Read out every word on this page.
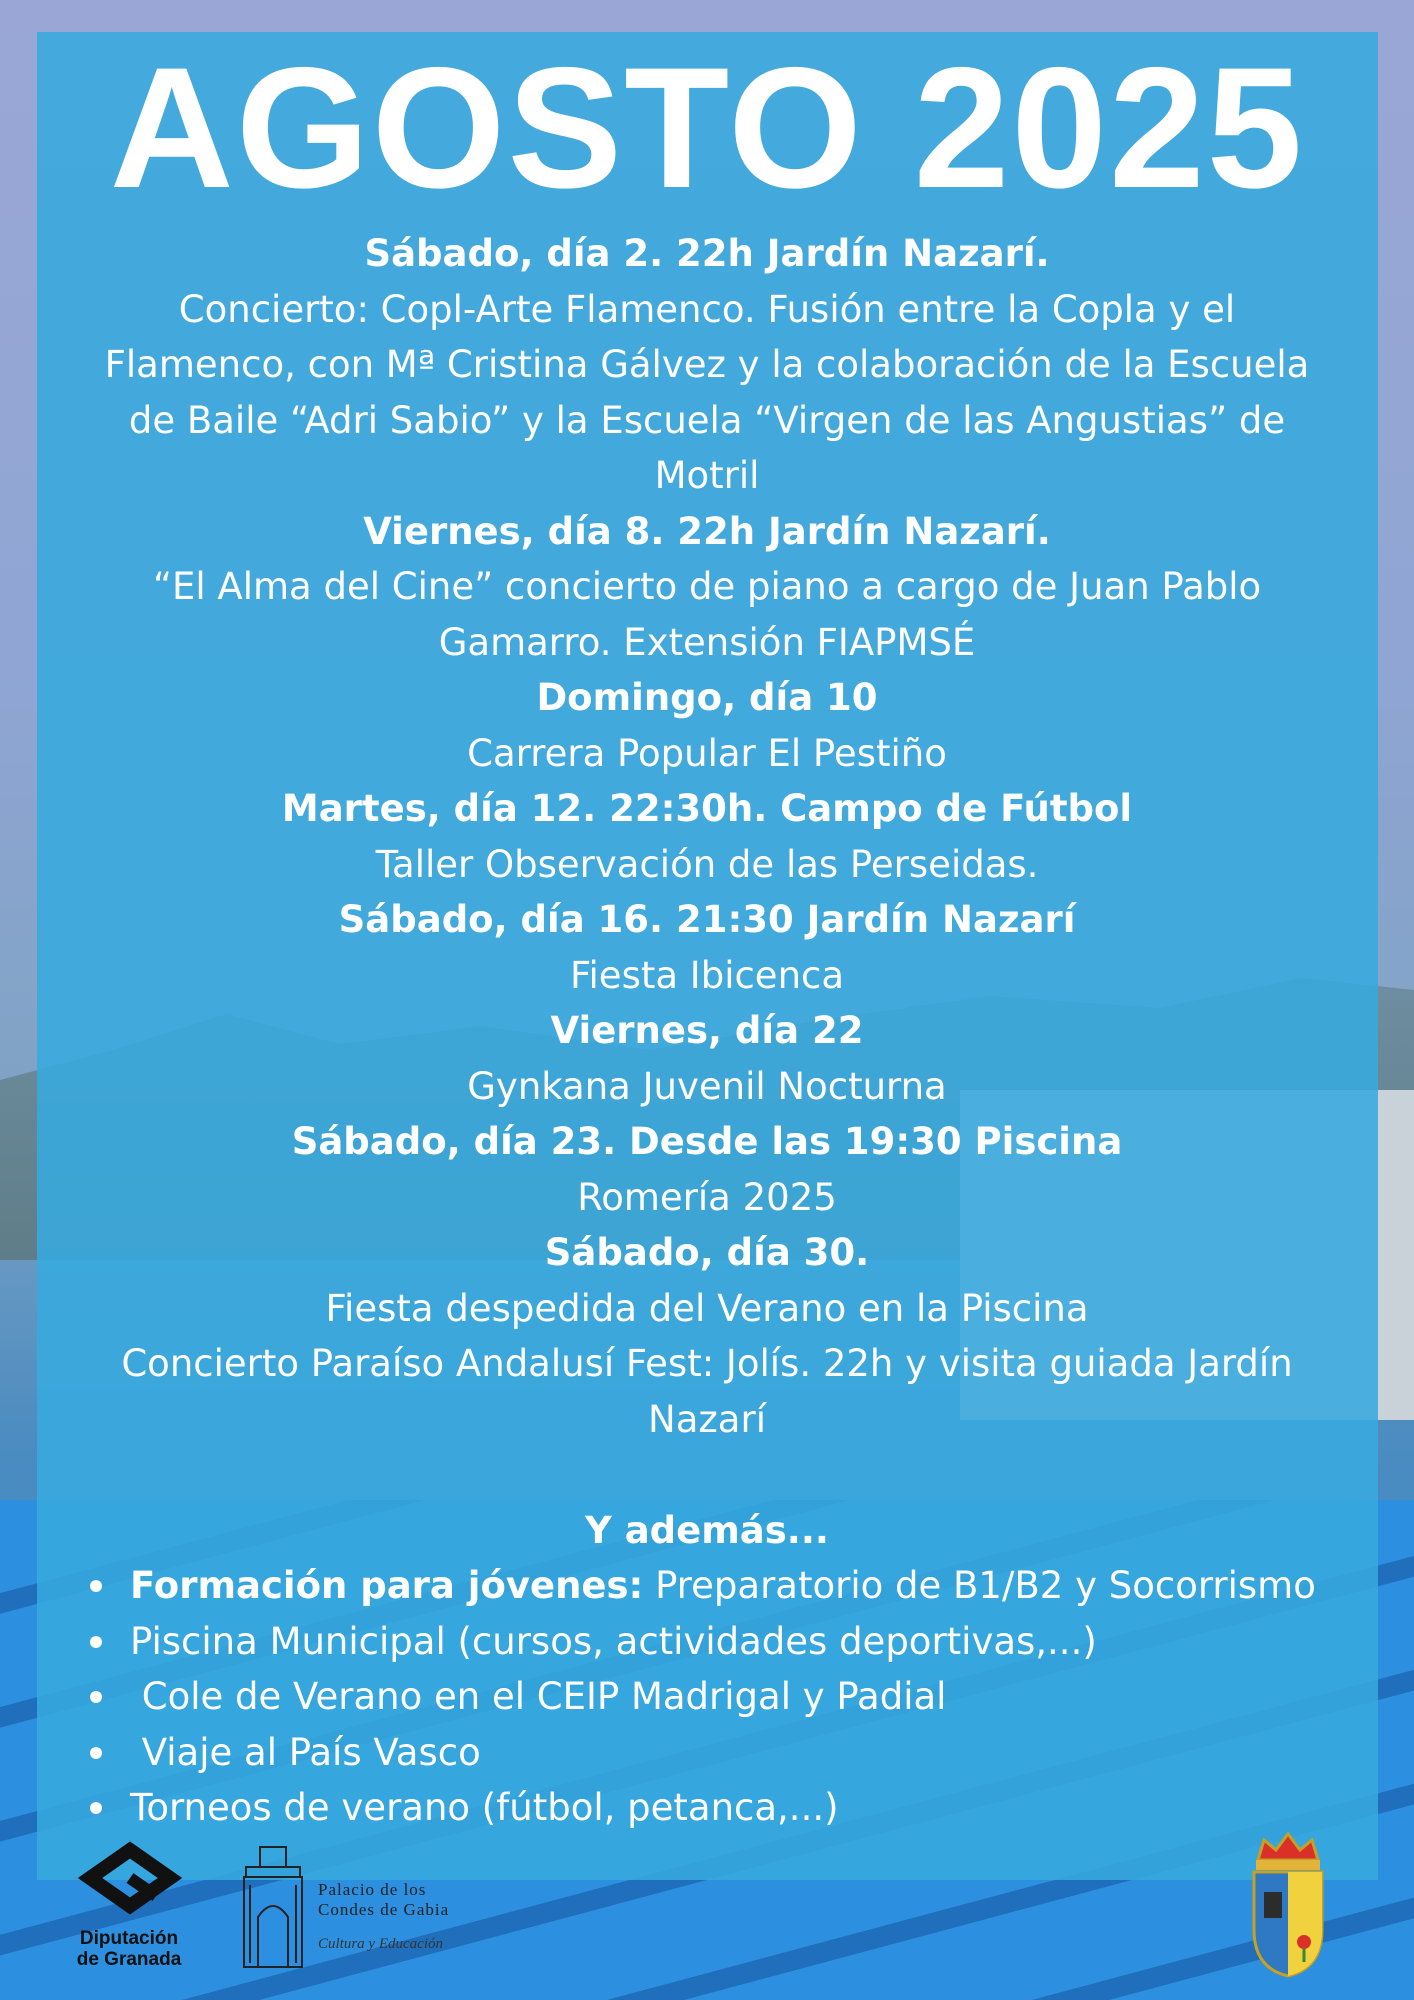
AGOSTO 2025
Sábado, día 2. 22h Jardín Nazarí.
Concierto: Copl-Arte Flamenco. Fusión entre la Copla y el
Flamenco, con Mª Cristina Gálvez y la colaboración de la Escuela
de Baile “Adri Sabio” y la Escuela “Virgen de las Angustias” de
Motril
Viernes, día 8. 22h Jardín Nazarí.
“El Alma del Cine” concierto de piano a cargo de Juan Pablo
Gamarro. Extensión FIAPMSÉ
Domingo, día 10
Carrera Popular El Pestiño
Martes, día 12. 22:30h. Campo de Fútbol
Taller Observación de las Perseidas.
Sábado, día 16. 21:30 Jardín Nazarí
Fiesta Ibicenca
Viernes, día 22
Gynkana Juvenil Nocturna
Sábado, día 23. Desde las 19:30 Piscina
Romería 2025
Sábado, día 30.
Fiesta despedida del Verano en la Piscina
Concierto Paraíso Andalusí Fest: Jolís. 22h y visita guiada Jardín
Nazarí
Y además...
Formación para jóvenes: Preparatorio de B1/B2 y Socorrismo
Piscina Municipal (cursos, actividades deportivas,...)
Cole de Verano en el CEIP Madrigal y Padial
Viaje al País Vasco
Torneos de verano (fútbol, petanca,...)
Diputación
de Granada
Palacio de los
Condes de Gabia
Cultura y Educación
